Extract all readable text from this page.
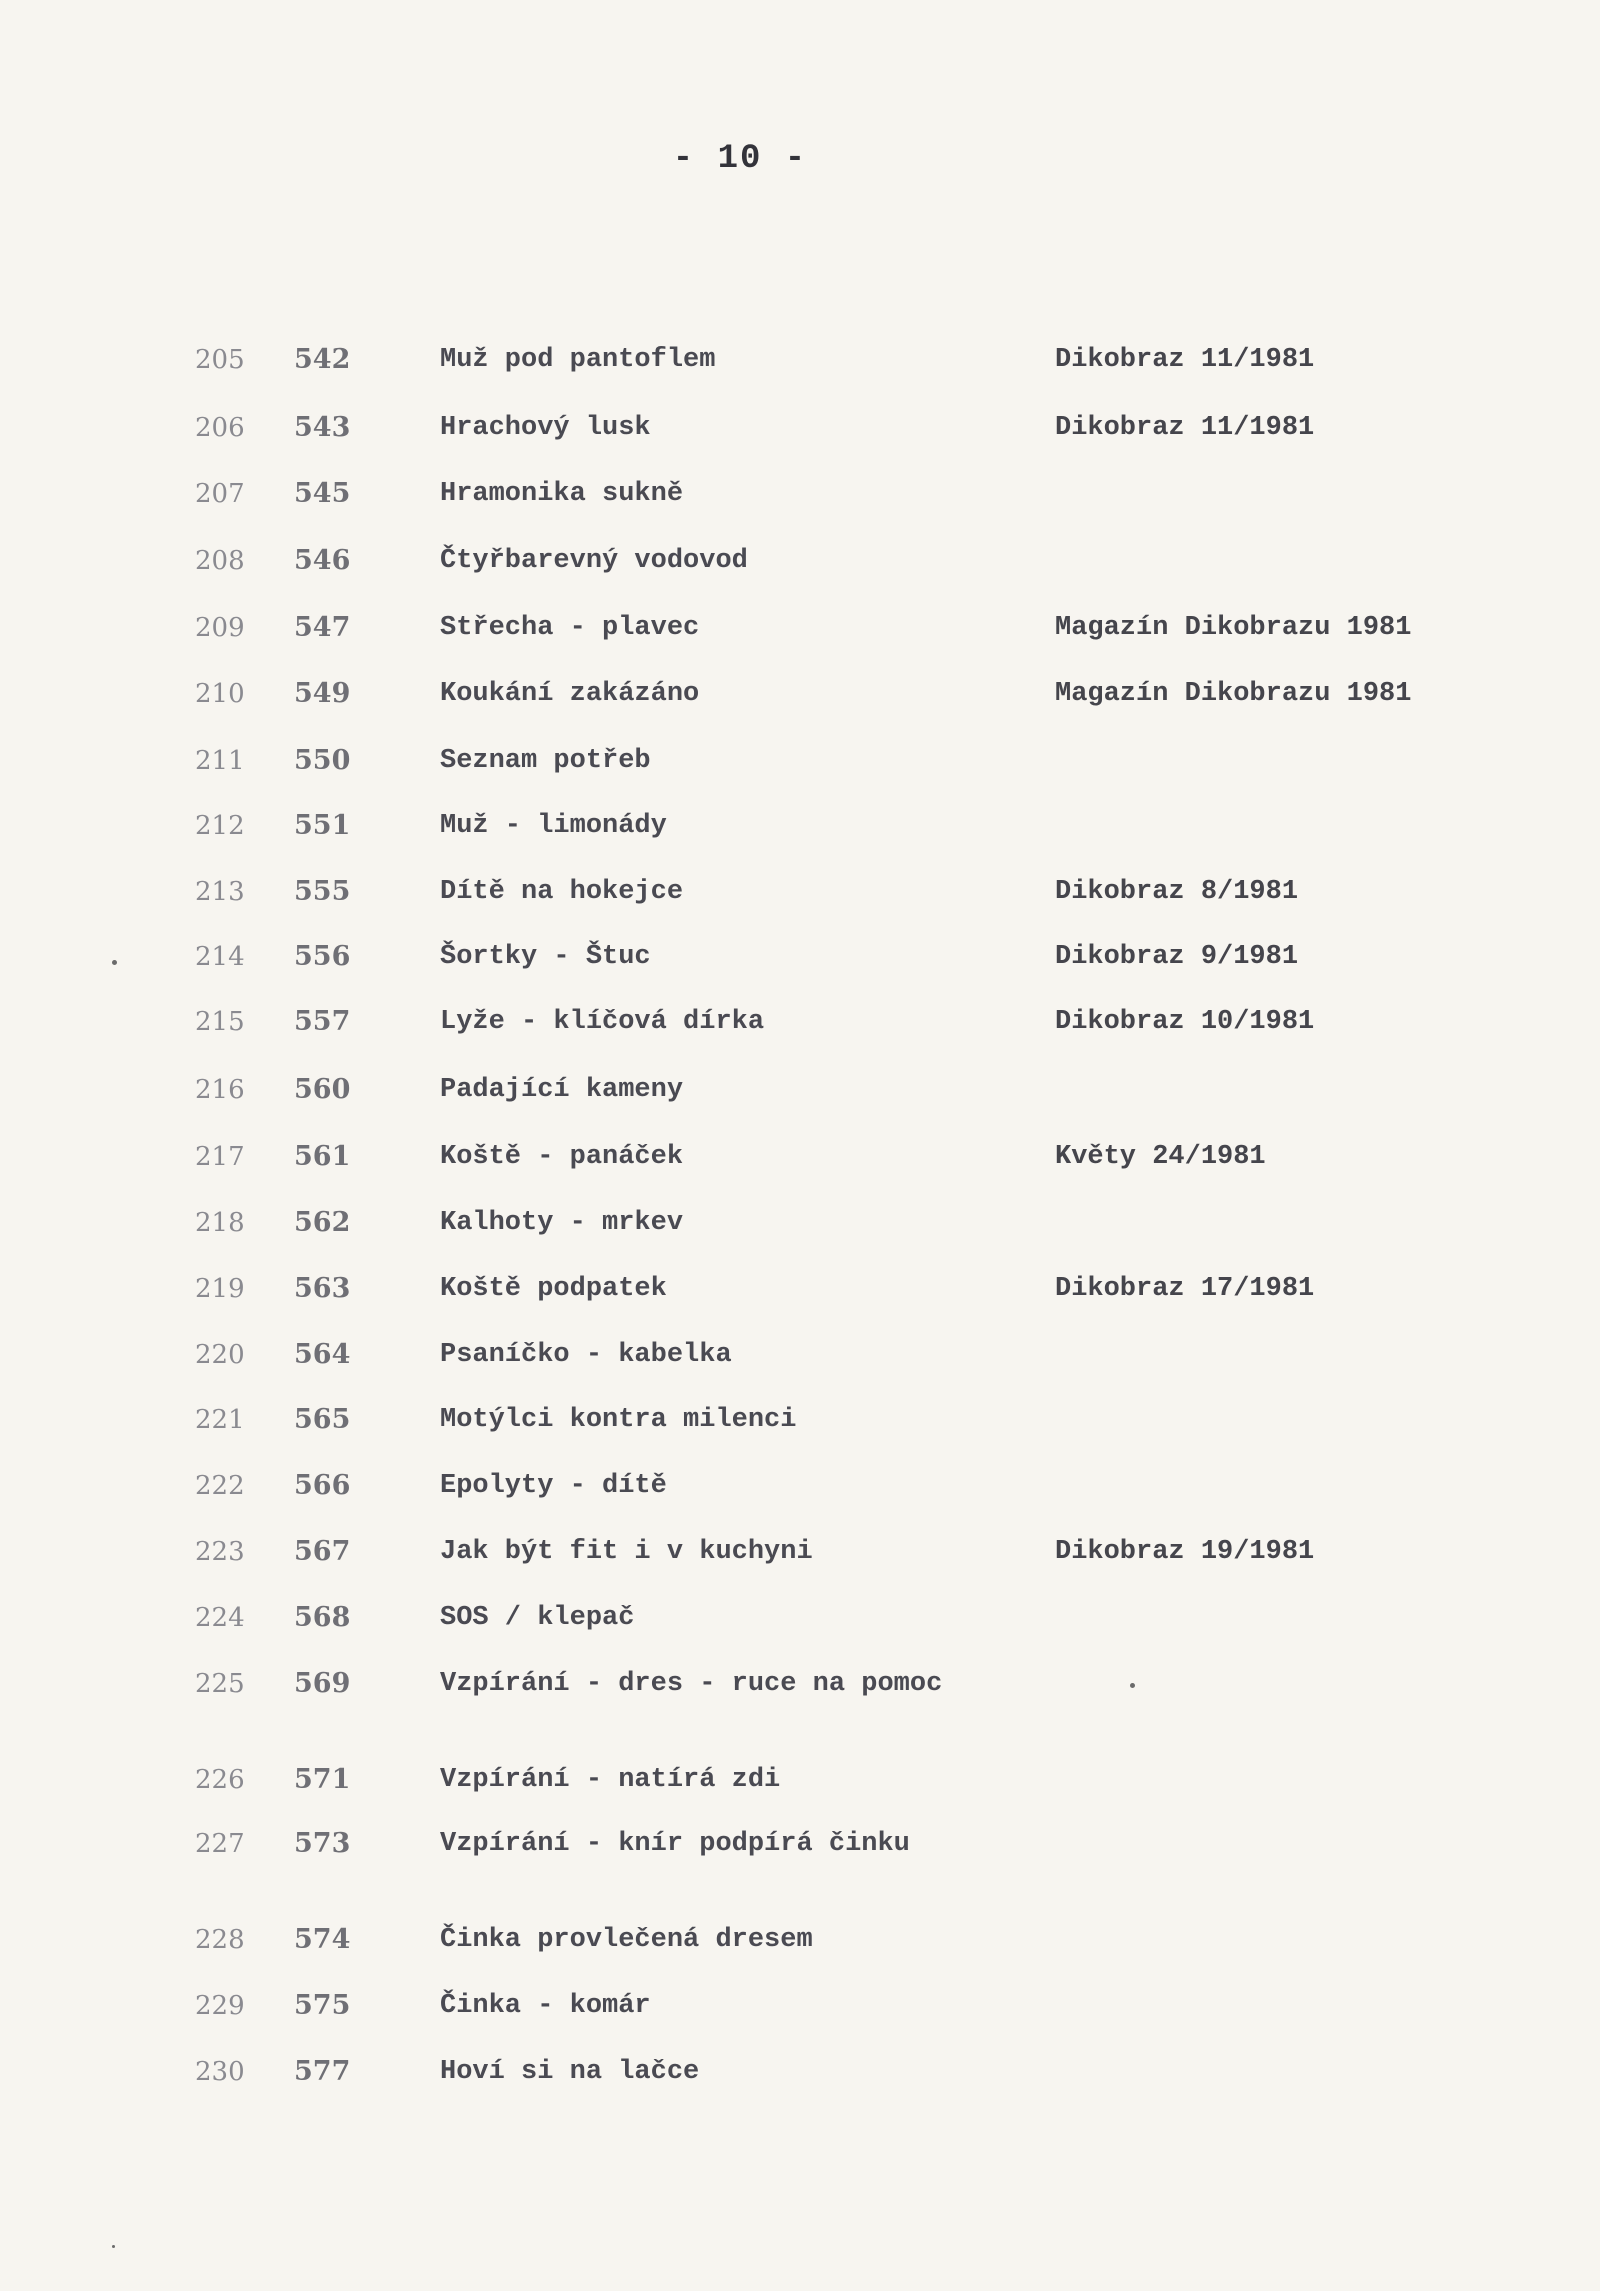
- 10 -
205	542	Muž pod pantoflem	Dikobraz 11/1981
206	543	Hrachový lusk	Dikobraz 11/1981
207	545	Hramonika sukně
208	546	Čtyřbarevný vodovod
209	547	Střecha - plavec	Magazín Dikobrazu 1981
210	549	Koukání zakázáno	Magazín Dikobrazu 1981
211	550	Seznam potřeb
212	551	Muž - limonády
213	555	Dítě na hokejce	Dikobraz 8/1981
214	556	Šortky - Štuc	Dikobraz 9/1981
215	557	Lyže - klíčová dírka	Dikobraz 10/1981
216	560	Padající kameny
217	561	Koště - panáček	Květy 24/1981
218	562	Kalhoty - mrkev
219	563	Koště podpatek	Dikobraz 17/1981
220	564	Psaníčko - kabelka
221	565	Motýlci kontra milenci
222	566	Epolyty - dítě
223	567	Jak být fit i v kuchyni	Dikobraz 19/1981
224	568	SOS / klepač
225	569	Vzpírání - dres - ruce na pomoc
226	571	Vzpírání - natírá zdi
227	573	Vzpírání - knír podpírá činku
228	574	Činka provlečená dresem
229	575	Činka - komár
230	577	Hoví si na lačce
